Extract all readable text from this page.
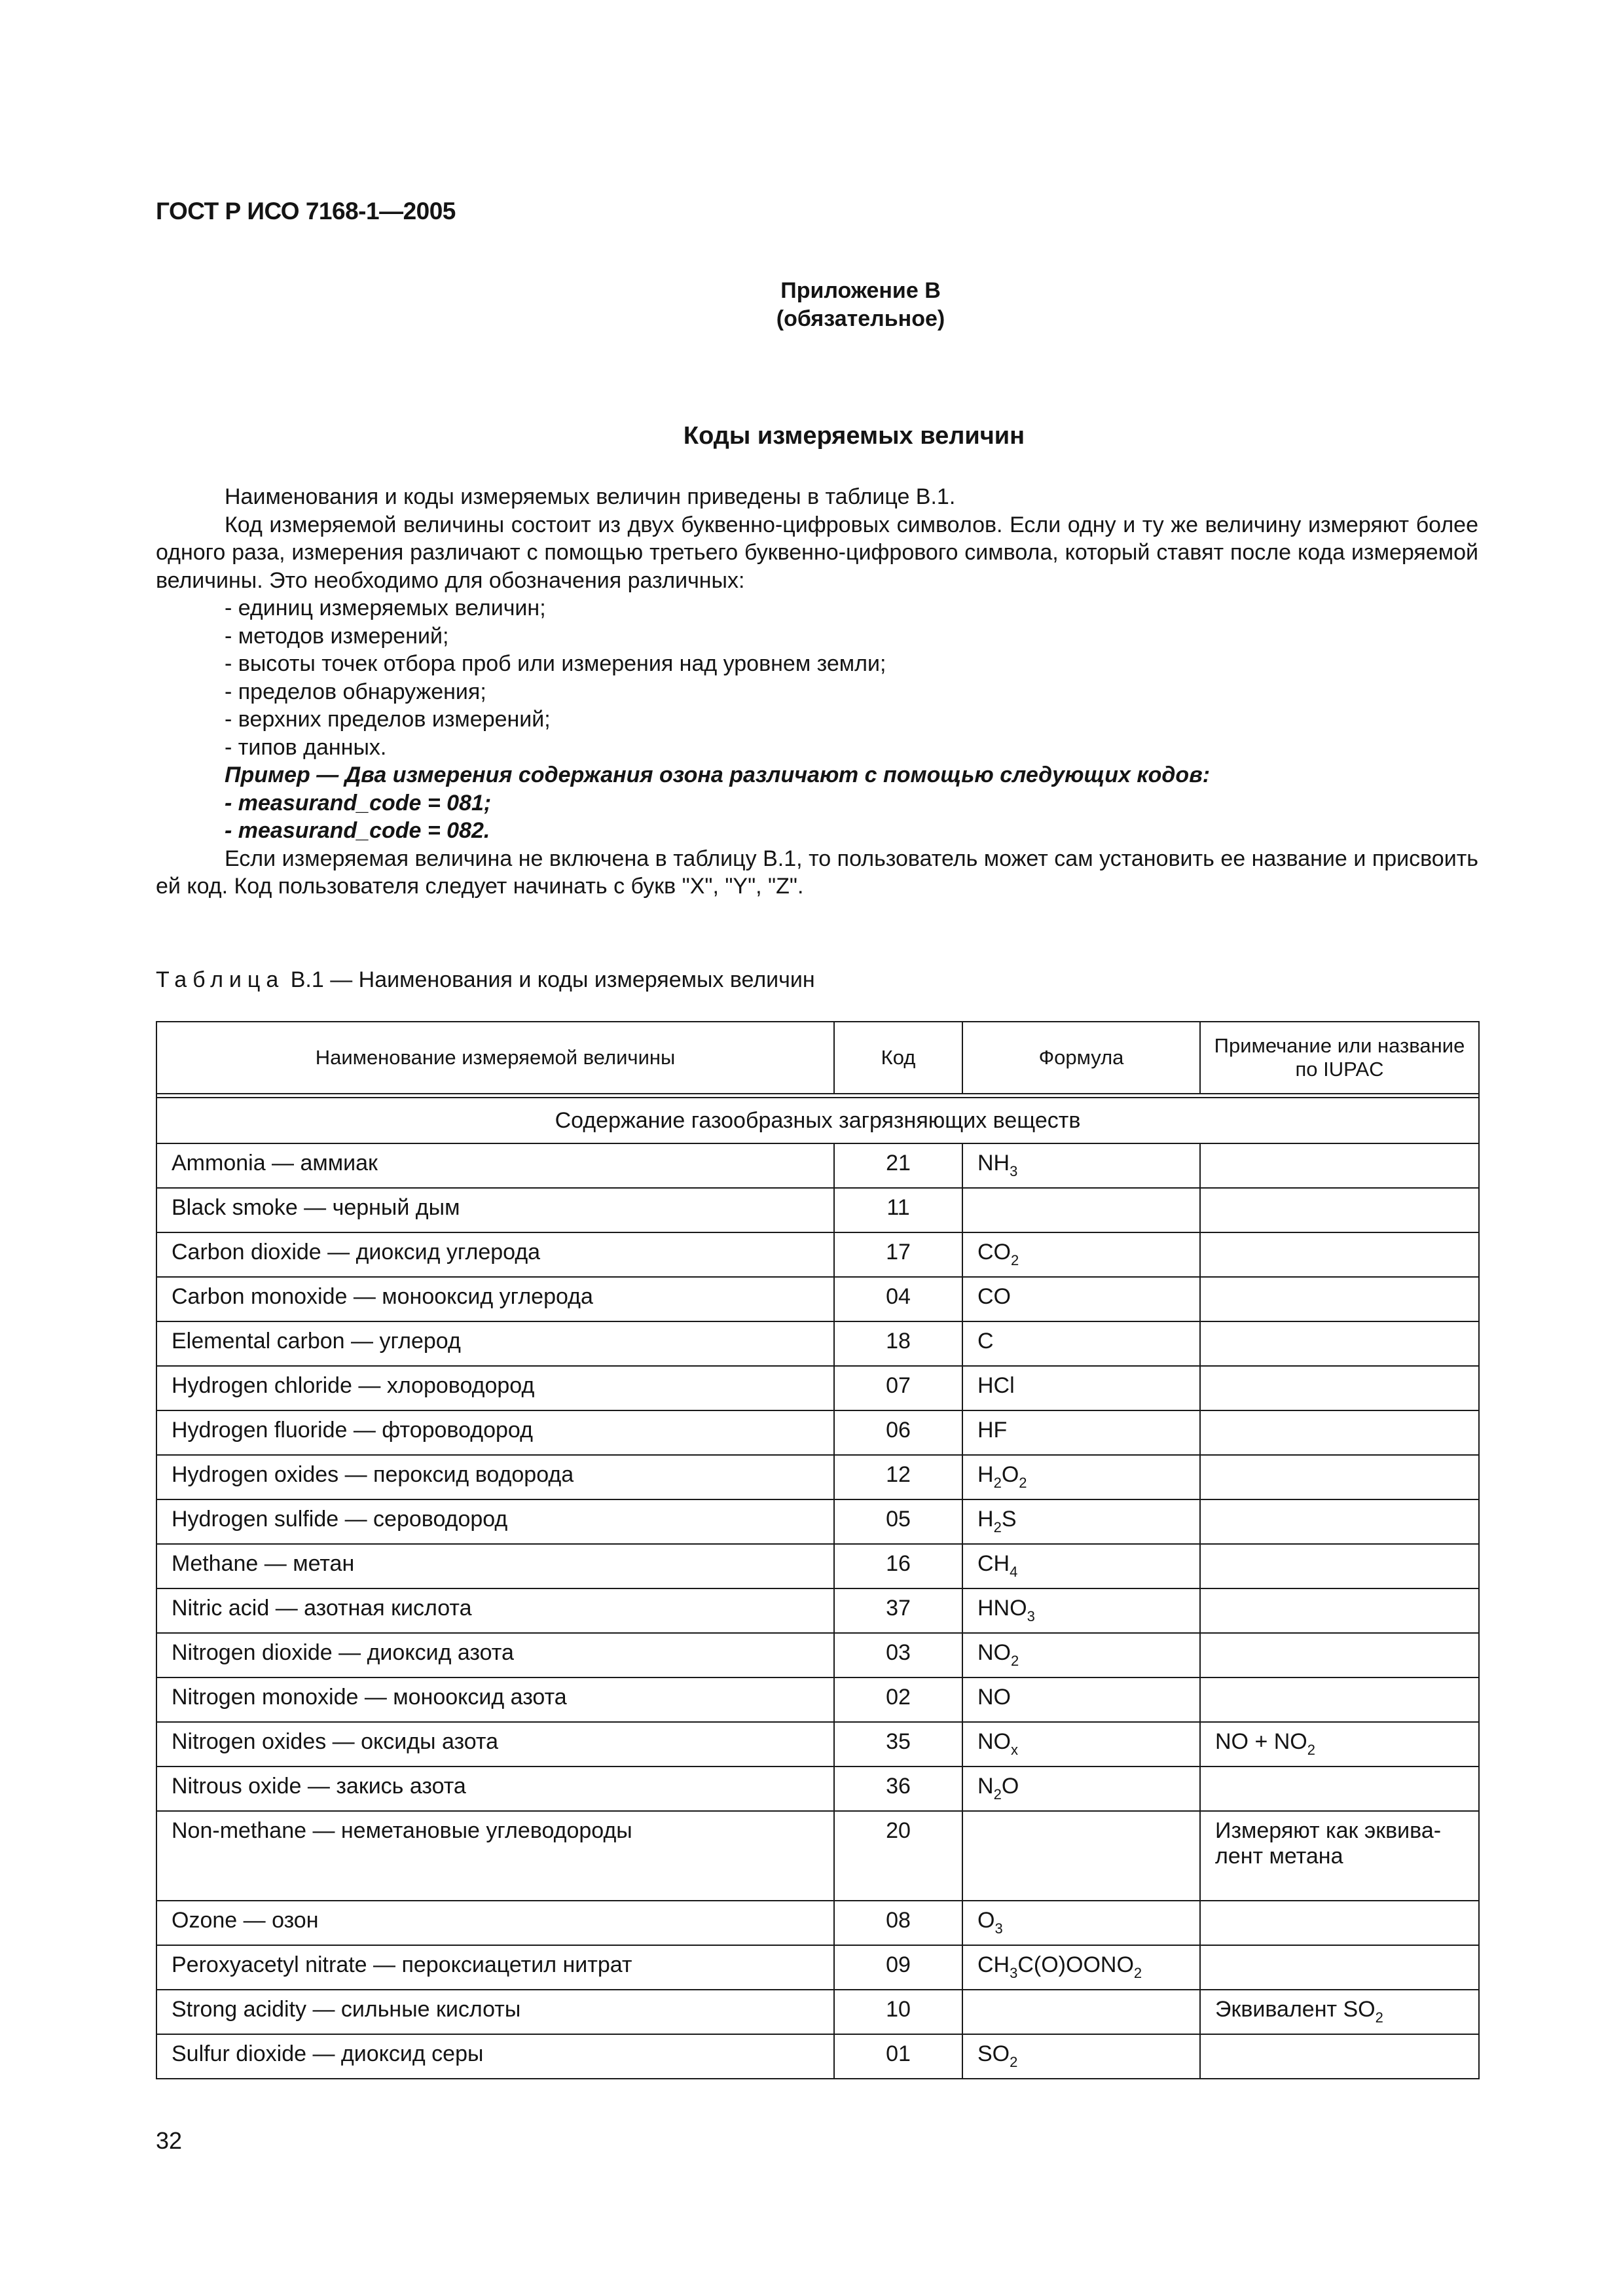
ГОСТ Р ИСО 7168-1—2005
Приложение В
(обязательное)
Коды измеряемых величин

Наименования и коды измеряемых величин приведены в таблице В.1.

Код измеряемой величины состоит из двух буквенно-цифровых символов. Если одну и ту же величину измеряют более одного раза, измерения различают с помощью третьего буквенно-цифрового символа, который ставят после кода измеряемой величины. Это необходимо для обозначения различных:

- единиц измеряемых величин;

- методов измерений;

- высоты точек отбора проб или измерения над уровнем земли;

- пределов обнаружения;

- верхних пределов измерений;

- типов данных.

Пример — Два измерения содержания озона различают с помощью следующих кодов:

- measurand_code = 081;

- measurand_code = 082.

Если измеряемая величина не включена в таблицу В.1, то пользователь может сам установить ее название и присвоить ей код. Код пользователя следует начинать с букв "X", "Y", "Z".

Таблица В.1 — Наименования и коды измеряемых величин
Наименование измеряемой величины	Код	Формула	Примечание или название по IUPAC

Содержание газообразных загрязняющих веществ			
Ammonia — аммиак	21	$NH_3$	
Black smoke — черный дым	11		
Carbon dioxide — диоксид углерода	17	$CO_2$	
Carbon monoxide — монооксид углерода	04	CO	
Elemental carbon — углерод	18	C	
Hydrogen chloride — хлороводород	07	HCl	
Hydrogen fluoride — фтороводород	06	HF	
Hydrogen oxides — пероксид водорода	12	$H_2O_2$	
Hydrogen sulfide — сероводород	05	$H_2S$	
Methane — метан	16	$CH_4$	
Nitric acid — азотная кислота	37	$HNO_3$	
Nitrogen dioxide — диоксид азота	03	$NO_2$	
Nitrogen monoxide — монооксид азота	02	NO	
Nitrogen oxides — оксиды азота	35	$NO_x$	NO + $NO_2$
Nitrous oxide — закись азота	36	$N_2O$	
Non-methane — неметановые углеводороды	20		Измеряют как эквива-лент метана
Ozone — озон	08	$O_3$	
Peroxyacetyl nitrate — пероксиацетил нитрат	09	$CH_3C(O)OONO_2$	
Strong acidity — сильные кислоты	10		Эквивалент $SO_2$
Sulfur dioxide — диоксид серы	01	$SO_2$	
32
